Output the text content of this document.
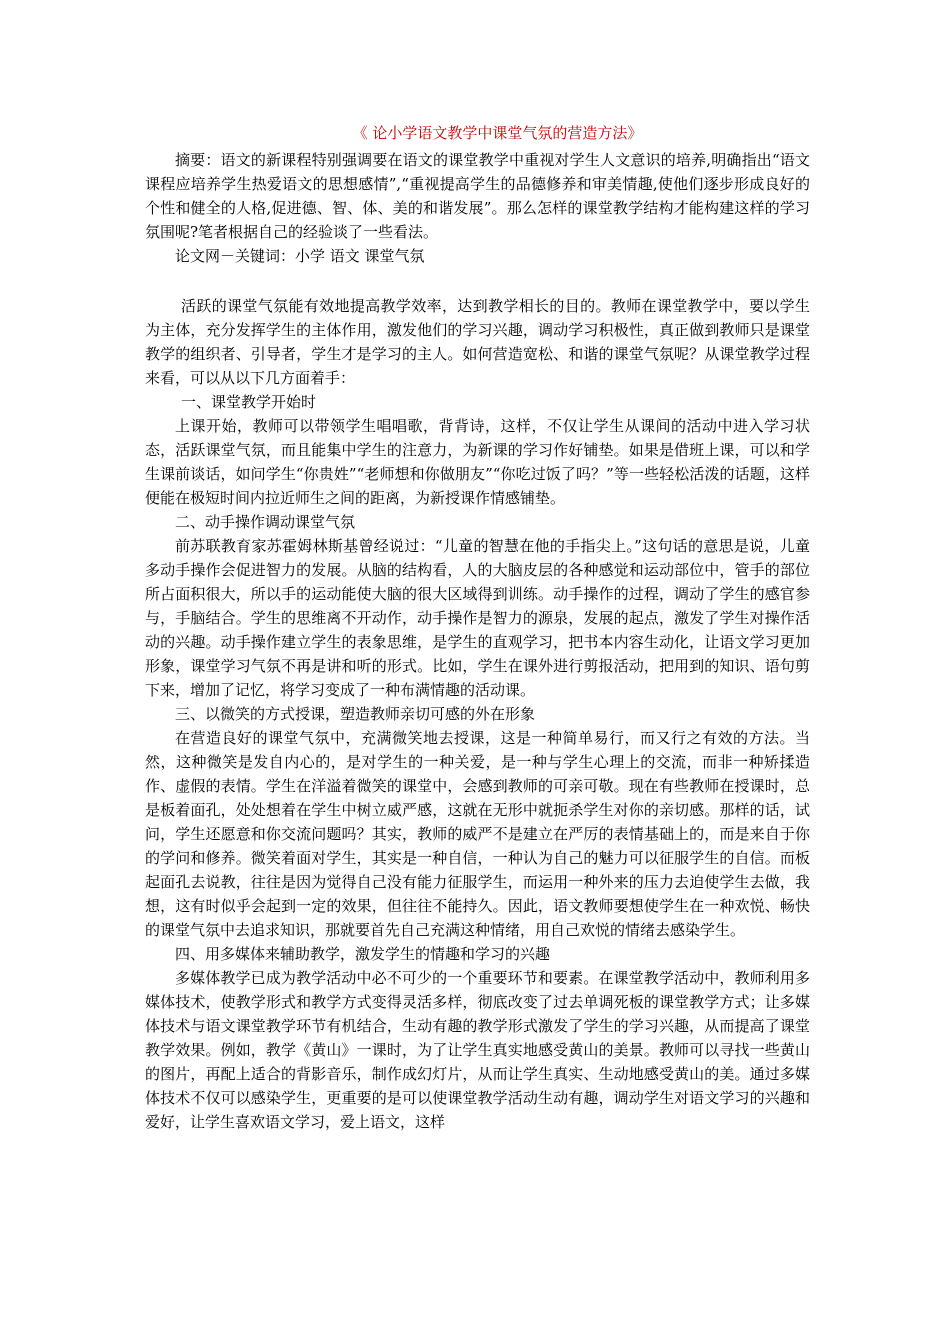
《 论小学语文教学中课堂气氛的营造方法》

摘要：语文的新课程特别强调要在语文的课堂教学中重视对学生人文意识的培养,明确指出“语文课程应培养学生热爱语文的思想感情”,“重视提高学生的品德修养和审美情趣,使他们逐步形成良好的个性和健全的人格,促进德、智、体、美的和谐发展”。那么怎样的课堂教学结构才能构建这样的学习氛围呢?笔者根据自己的经验谈了一些看法。

论文网－关键词：小学 语文 课堂气氛

活跃的课堂气氛能有效地提高教学效率，达到教学相长的目的。教师在课堂教学中，要以学生为主体，充分发挥学生的主体作用，激发他们的学习兴趣，调动学习积极性，真正做到教师只是课堂教学的组织者、引导者，学生才是学习的主人。如何营造宽松、和谐的课堂气氛呢？从课堂教学过程来看，可以从以下几方面着手：

一、课堂教学开始时

上课开始，教师可以带领学生唱唱歌，背背诗，这样，不仅让学生从课间的活动中进入学习状态，活跃课堂气氛，而且能集中学生的注意力，为新课的学习作好铺垫。如果是借班上课，可以和学生课前谈话，如问学生“你贵姓”“老师想和你做朋友”“你吃过饭了吗？”等一些轻松活泼的话题，这样便能在极短时间内拉近师生之间的距离，为新授课作情感铺垫。

二、动手操作调动课堂气氛

前苏联教育家苏霍姆林斯基曾经说过：“儿童的智慧在他的手指尖上。”这句话的意思是说，儿童多动手操作会促进智力的发展。从脑的结构看，人的大脑皮层的各种感觉和运动部位中，管手的部位所占面积很大，所以手的运动能使大脑的很大区域得到训练。动手操作的过程，调动了学生的感官参与，手脑结合。学生的思维离不开动作，动手操作是智力的源泉，发展的起点，激发了学生对操作活动的兴趣。动手操作建立学生的表象思维，是学生的直观学习，把书本内容生动化，让语文学习更加形象，课堂学习气氛不再是讲和听的形式。比如，学生在课外进行剪报活动，把用到的知识、语句剪下来，增加了记忆，将学习变成了一种布满情趣的活动课。

三、以微笑的方式授课，塑造教师亲切可感的外在形象

在营造良好的课堂气氛中，充满微笑地去授课，这是一种简单易行，而又行之有效的方法。当然，这种微笑是发自内心的，是对学生的一种关爱，是一种与学生心理上的交流，而非一种矫揉造作、虚假的表情。学生在洋溢着微笑的课堂中，会感到教师的可亲可敬。现在有些教师在授课时，总是板着面孔，处处想着在学生中树立威严感，这就在无形中就扼杀学生对你的亲切感。那样的话，试问，学生还愿意和你交流问题吗？其实，教师的威严不是建立在严厉的表情基础上的，而是来自于你的学问和修养。微笑着面对学生，其实是一种自信，一种认为自己的魅力可以征服学生的自信。而板起面孔去说教，往往是因为觉得自己没有能力征服学生，而运用一种外来的压力去迫使学生去做，我想，这有时似乎会起到一定的效果，但往往不能持久。因此，语文教师要想使学生在一种欢悦、畅快的课堂气氛中去追求知识，那就要首先自己充满这种情绪，用自己欢悦的情绪去感染学生。

四、用多媒体来辅助教学，激发学生的情趣和学习的兴趣

多媒体教学已成为教学活动中必不可少的一个重要环节和要素。在课堂教学活动中，教师利用多媒体技术，使教学形式和教学方式变得灵活多样，彻底改变了过去单调死板的课堂教学方式；让多媒体技术与语文课堂教学环节有机结合，生动有趣的教学形式激发了学生的学习兴趣，从而提高了课堂教学效果。例如，教学《黄山》一课时，为了让学生真实地感受黄山的美景。教师可以寻找一些黄山的图片，再配上适合的背影音乐，制作成幻灯片，从而让学生真实、生动地感受黄山的美。通过多媒体技术不仅可以感染学生，更重要的是可以使课堂教学活动生动有趣，调动学生对语文学习的兴趣和爱好，让学生喜欢语文学习，爱上语文，这样
